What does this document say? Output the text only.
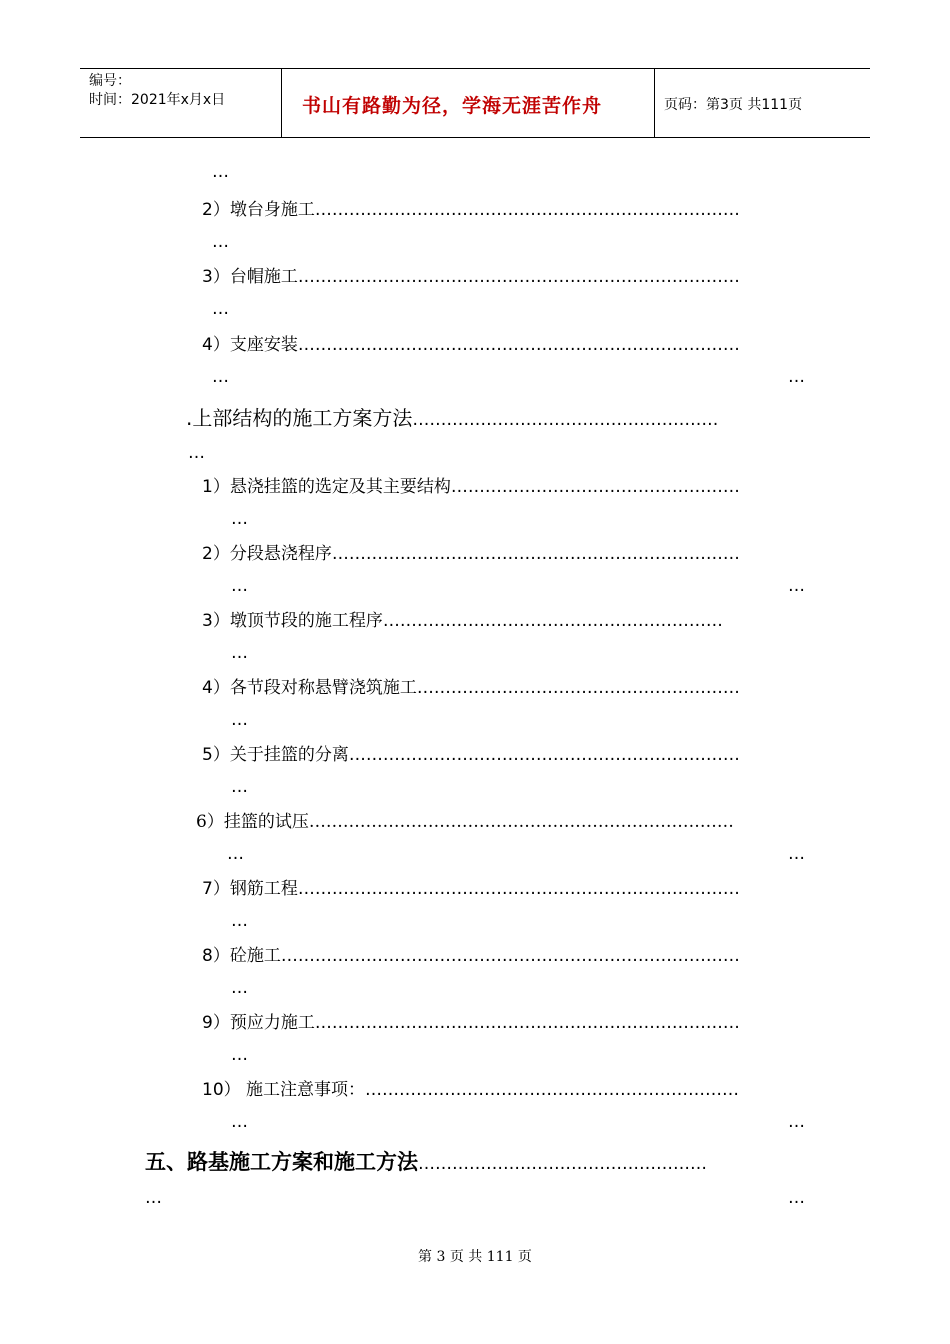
编号：
时间：2021年x月x日	书山有路勤为径，学海无涯苦作舟	页码：第3页 共111页
…
2）墩台身施工…………………………………………………………………
…
3）台帽施工……………………………………………………………………
…
4）支座安装……………………………………………………………………
…	…
.上部结构的施工方案方法………………………………………………
…
1）悬浇挂篮的选定及其主要结构……………………………………………
…
2）分段悬浇程序………………………………………………………………
…	…
3）墩顶节段的施工程序……………………………………………………
…
4）各节段对称悬臂浇筑施工…………………………………………………
…
5）关于挂篮的分离……………………………………………………………
…
6）挂篮的试压…………………………………………………………………
…	…
7）钢筋工程……………………………………………………………………
…
8）砼施工………………………………………………………………………
…
9）预应力施工…………………………………………………………………
…
10） 施工注意事项：…………………………………………………………
…	…
五、路基施工方案和施工方法……………………………………………
…	…
第 3 页 共 111 页
